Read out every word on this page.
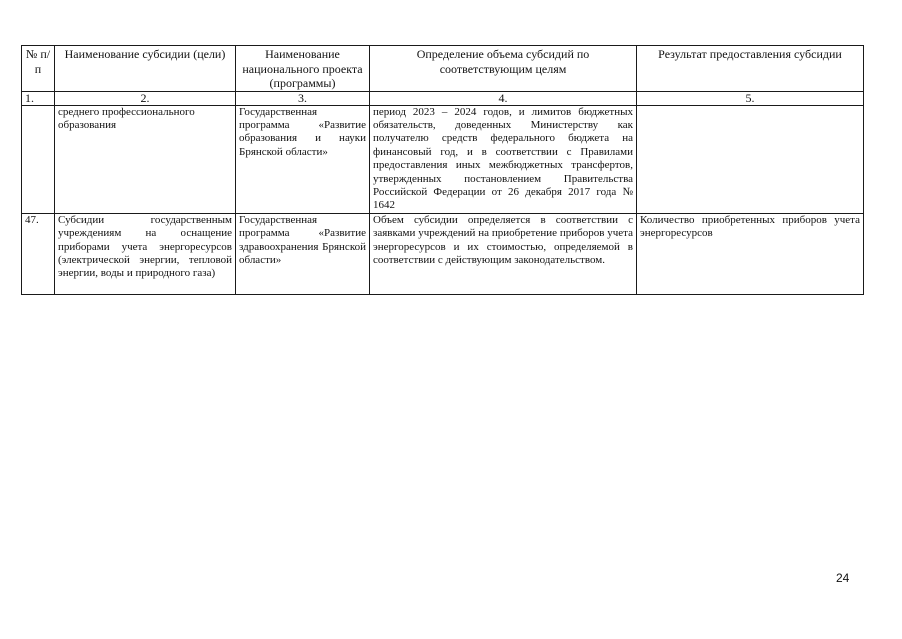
№ п/п	Наименование субсидии (цели)	Наименование национального проекта (программы)	Определение объема субсидий по соответствующим целям	Результат предоставления субсидии
1.	2.	3.	4.	5.
	среднего профессионального образования	Государственная программа «Развитие образования и науки Брянской области»	период 2023 – 2024 годов, и лимитов бюджетных обязательств, доведенных Министерству как получателю средств федерального бюджета на финансовый год, и в соответствии с Правилами предоставления иных межбюджетных трансфертов, утвержденных постановлением Правительства Российской Федерации от 26 декабря 2017 года № 1642	
47.	Субсидии государственным учреждениям на оснащение приборами учета энергоресурсов (электрической энергии, тепловой энергии, воды и природного газа)	Государственная программа «Развитие здравоохранения Брянской области»	Объем субсидии определяется в соответствии с заявками учреждений на приобретение приборов учета энергоресурсов и их стоимостью, определяемой в соответствии с действующим законодательством.	Количество приобретенных приборов учета энергоресурсов
24
